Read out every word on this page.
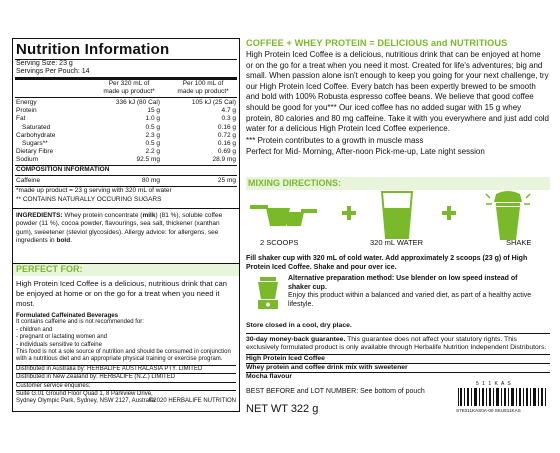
Nutrition Information
Serving Size: 23 g
Servings Per Pouch: 14
Per 320 mL of
made up product*
Per 100 mL of
made up product*
Energy	336 kJ (80 Cal)	105 kJ (25 Cal)
Protein	15 g	4.7 g
Fat	1.0 g	0.3 g
Saturated	0.5 g	0.16 g
Carbohydrate	2.3 g	0.72 g
Sugars**	0.5 g	0.16 g
Dietary Fibre	2.2 g	0.69 g
Sodium	92.5 mg	28.9 mg
COMPOSITION INFORMATION
Caffeine	80 mg	25 mg
*made up product = 23 g serving with 320 mL of water
** CONTAINS NATURALLY OCCURING SUGARS
INGREDIENTS: Whey protein concentrate (milk) (81 %), soluble coffee powder (11 %), cocoa powder, flavourings, sea salt, thickener (xanthan gum), sweetener (steviol glycosides). Allergy advice: for allergens, see ingredients in bold.
PERFECT FOR:
High Protein Iced Coffee is a delicious, nutritious drink that can be enjoyed at home or on the go for a treat when you need it most.
Formulated Caffeinated Beverages
It contains caffeine and is not recommended for:
- children and
- pregnant or lactating women and
- individuals sensitive to caffeine
This food is not a sole source of nutrition and should be consumed in conjunction with a nutritious diet and an appropriate physical training or exercise program.
Distributed in Australia by: HERBALIFE AUSTRALASIA PTY. LIMITED
Distributed in New Zealand by: HERBALIFE (N.Z.) LIMITED
Customer service enquiries:
Suite G.01 Ground Floor Quad 1, 8 Parkview Drive,
Sydney Olympic Park, Sydney, NSW 2127, Australia
©2020 HERBALIFE NUTRITION
COFFEE + WHEY PROTEIN = DELICIOUS and NUTRITIOUS
High Protein Iced Coffee is a delicious, nutritious drink that can be enjoyed at home or on the go for a treat when you need it most. Created for life's adventures; big and small. When passion alone isn't enough to keep you going for your next challenge, try our High Protein Iced Coffee. Every batch has been expertly brewed to be smooth and bold with 100% Robusta espresso coffee beans. We believe that good coffee should be good for you*** Our iced coffee has no added sugar with 15 g whey protein, 80 calories and 80 mg caffeine. Take it with you everywhere and just add cold water for a delicious High Protein Iced Coffee experience.
*** Protein contributes to a growth in muscle mass
Perfect for Mid- Morning, After-noon Pick-me-up, Late night session
MIXING DIRECTIONS:
2 SCOOPS	320 mL WATER	SHAKE
Fill shaker cup with 320 mL of cold water. Add approximately 2 scoops (23 g) of High Protein Iced Coffee. Shake and pour over ice.
Alternative preparation method: Use blender on low speed instead of shaker cup.
Enjoy this product within a balanced and varied diet, as part of a healthy active lifestyle.
Store closed in a cool, dry place.
30-day money-back guarantee. This guarantee does not affect your statutory rights. This exclusively formulated product is only available through Herbalife Nutrition Independent Distributors.
High Protein Iced Coffee
Whey protein and coffee drink mix with sweetener
Mocha flavour
BEST BEFORE and LOT NUMBER: See bottom of pouch
NET WT 322 g
5 1 1 K A S
S7K011KAS0A-00 SKU511KAS
